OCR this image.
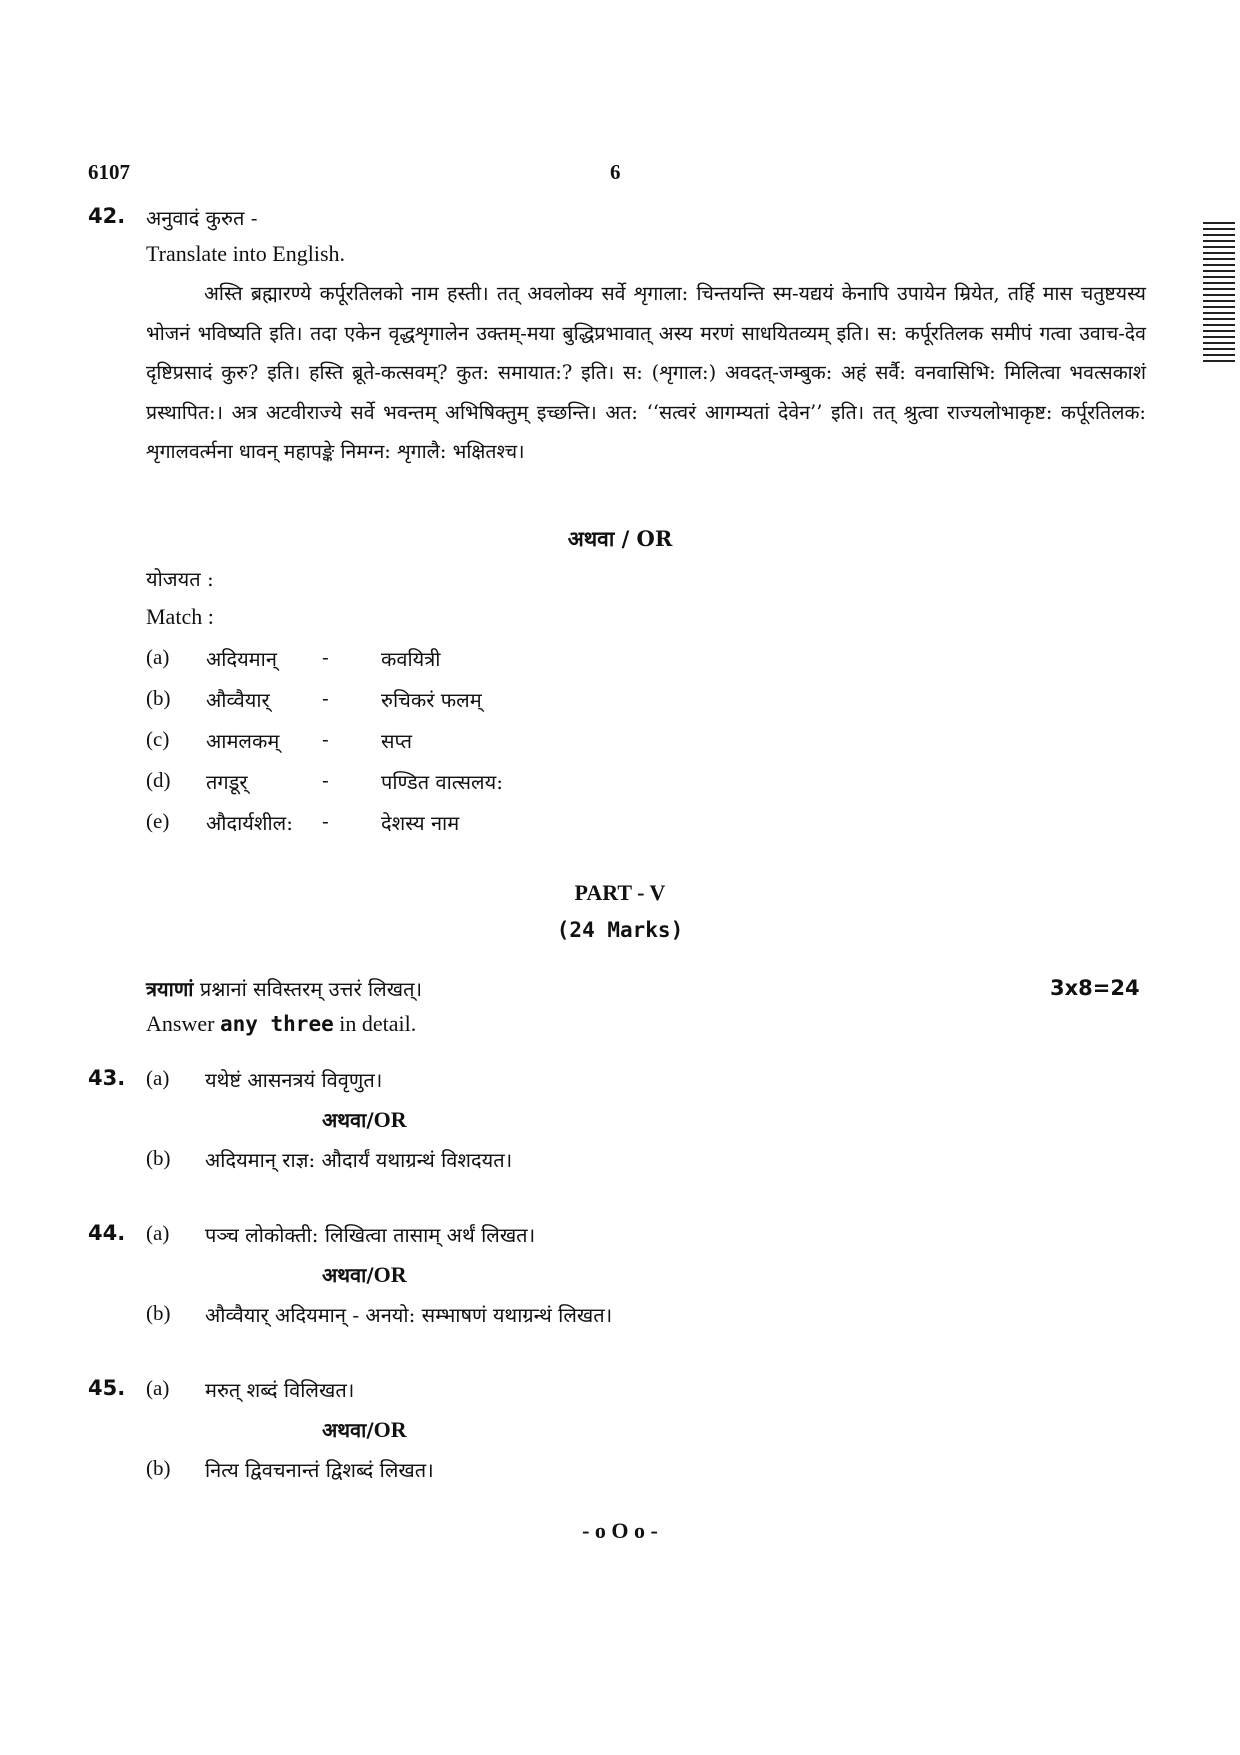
6107	6
42. अनुवादं कुरुत -
Translate into English.
अस्ति ब्रह्मारण्ये कर्पूरतिलको नाम हस्ती। तत् अवलोक्य सर्वे शृगाला: चिन्तयन्ति स्म-यद्ययं केनापि उपायेन म्रियेत, तर्हि मास चतुष्टयस्य भोजनं भविष्यति इति। तदा एकेन वृद्धशृगालेन उक्तम्-मया बुद्धिप्रभावात् अस्य मरणं साधयितव्यम् इति। स: कर्पूरतिलक समीपं गत्वा उवाच-देव दृष्टिप्रसादं कुरु? इति। हस्ति ब्रूते-कत्सवम्? कुत: समायात:? इति। स: (शृगाल:) अवदत्-जम्बुक: अहं सर्वै: वनवासिभि: मिलित्वा भवत्सकाशं प्रस्थापित:। अत्र अटवीराज्ये सर्वे भवन्तम् अभिषिक्तुम् इच्छन्ति। अत: ‘‘सत्वरं आगम्यतां देवेन’’ इति। तत् श्रुत्वा राज्यलोभाकृष्ट: कर्पूरतिलक: शृगालवर्त्मना धावन् महापङ्के निमग्न: शृगालै: भक्षितश्च।
अथवा / OR
योजयत :
Match :
(a) अदियमान् -	कवयित्री
(b) औव्वैयार्	-	रुचिकरं फलम्
(c) आमलकम् -	सप्त
(d) तगडूर्	-	पण्डित वात्सलय:
(e) औदार्यशील: -	देशस्य नाम
PART - V
(24 Marks)
त्रयाणां प्रश्नानां सविस्तरम् उत्तरं लिखत्।	3x8=24
Answer any three in detail.
43. (a) यथेष्टं आसनत्रयं विवृणुत।
अथवा/OR
(b) अदियमान् राज्ञ: औदार्यं यथाग्रन्थं विशदयत।
44. (a) पञ्च लोकोक्ती: लिखित्वा तासाम् अर्थं लिखत।
अथवा/OR
(b) औव्वैयार् अदियमान् - अनयो: सम्भाषणं यथाग्रन्थं लिखत।
45. (a) मरुत् शब्दं विलिखत।
अथवा/OR
(b) नित्य द्विवचनान्तं द्विशब्दं लिखत।
- o O o -
